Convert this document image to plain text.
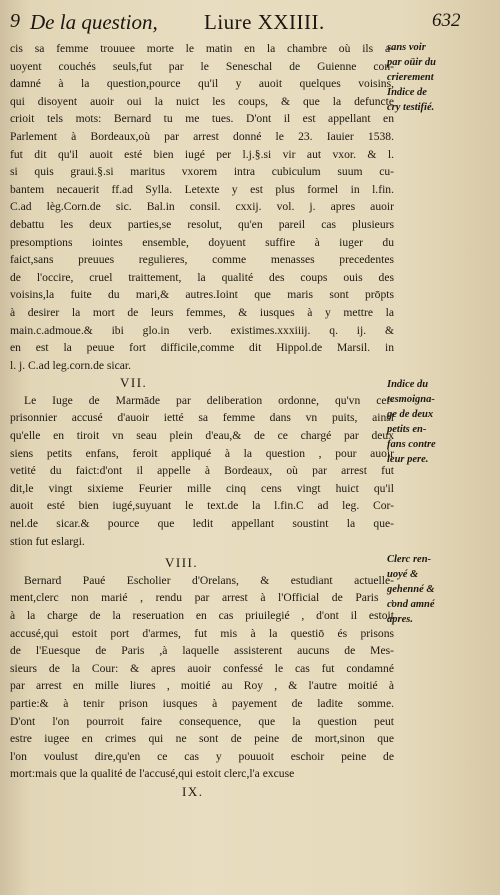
9 De la question, Liure XXIIII.	632
cis sa femme trouuee morte le matin en la chambre où ils a-
uoyent couchés seuls,fut par le Seneschal de Guienne con-
damné à la question,pource qu'il y auoit quelques voisins,
qui disoyent auoir oui la nuict les coups, & que la defuncte
crioit tels mots: Bernard tu me tues. D'ont il est appellant en
Parlement à Bordeaux,où par arrest donné le 23. Iauier 1538.
fut dit qu'il auoit esté bien iugé per l.j.§.si vir aut vxor. & l.
si quis graui.§.si maritus vxorem intra cubiculum suum cu-
bantem necauerit ff.ad Sylla. Letexte y est plus formel in l.fin.
C.ad lèg.Corn.de sic. Bal.in consil. cxxij. vol. j. apres auoir
debattu les deux parties,se resolut, qu'en pareil cas plusieurs
presomptions iointes ensemble, doyuent suffire à iuger du
faict,sans preuues regulieres, comme menasses precedentes
de l'occire, cruel traittement, la qualité des coups ouis des
voisins,la fuite du mari,& autres.Ioint que maris sont prōpts
à desirer la mort de leurs femmes, & iusques à y mettre la
main.c.admoue.& ibi glo.in verb. existimes.xxxiiij. q. ij. &
en est la peuue fort difficile,comme dit Hippol.de Marsil. in
l. j. C.ad leg.corn.de sicar.
VII.
Le Iuge de Marmāde par deliberation ordonne, qu'vn cer-
prisonnier accusé d'auoir ietté sa femme dans vn puits, ainsi
qu'elle en tiroit vn seau plein d'eau,& de ce chargé par deux
siens petits enfans, feroit appliqué à la question , pour auoir
vetité du faict:d'ont il appelle à Bordeaux, où par arrest fut
dit,le vingt sixieme Feurier mille cinq cens vingt huict qu'il
auoit esté bien iugé,suyuant le text.de la l.fin.C ad leg. Cor-
nel.de sicar.& pource que ledit appellant soustint la que-
stion fut eslargi.
VIII.
Bernard Paué Escholier d'Orelans, & estudiant actuelle-
ment,clerc non marié , rendu par arrest à l'Official de Paris ,
à la charge de la reseruation en cas priuilegié , d'ont il estoit
accusé,qui estoit port d'armes, fut mis à la questiō és prisons
de l'Euesque de Paris ,à laquelle assisterent aucuns de Mes-
sieurs de la Cour: & apres auoir confessé le cas fut condamné
par arrest en mille liures , moitié au Roy , & l'autre moitié à
partie:& à tenir prison iusques à payement de ladite somme.
D'ont l'on pourroit faire consequence, que la question peut
estre iugee en crimes qui ne sont de peine de mort,sinon que
l'on voulust dire,qu'en ce cas y pouuoit eschoir peine de
mort:mais que la qualité de l'accusé,qui estoit clerc,l'a excuse
IX.
sans voir
par oüir du
crierement
Indice de
cry testifié.
Indice du
tesmoigna-
ge de deux
petits en-
fans contre
leur pere.
Clerc ren-
uoyé &
gehenné &
cond amné
apres.
